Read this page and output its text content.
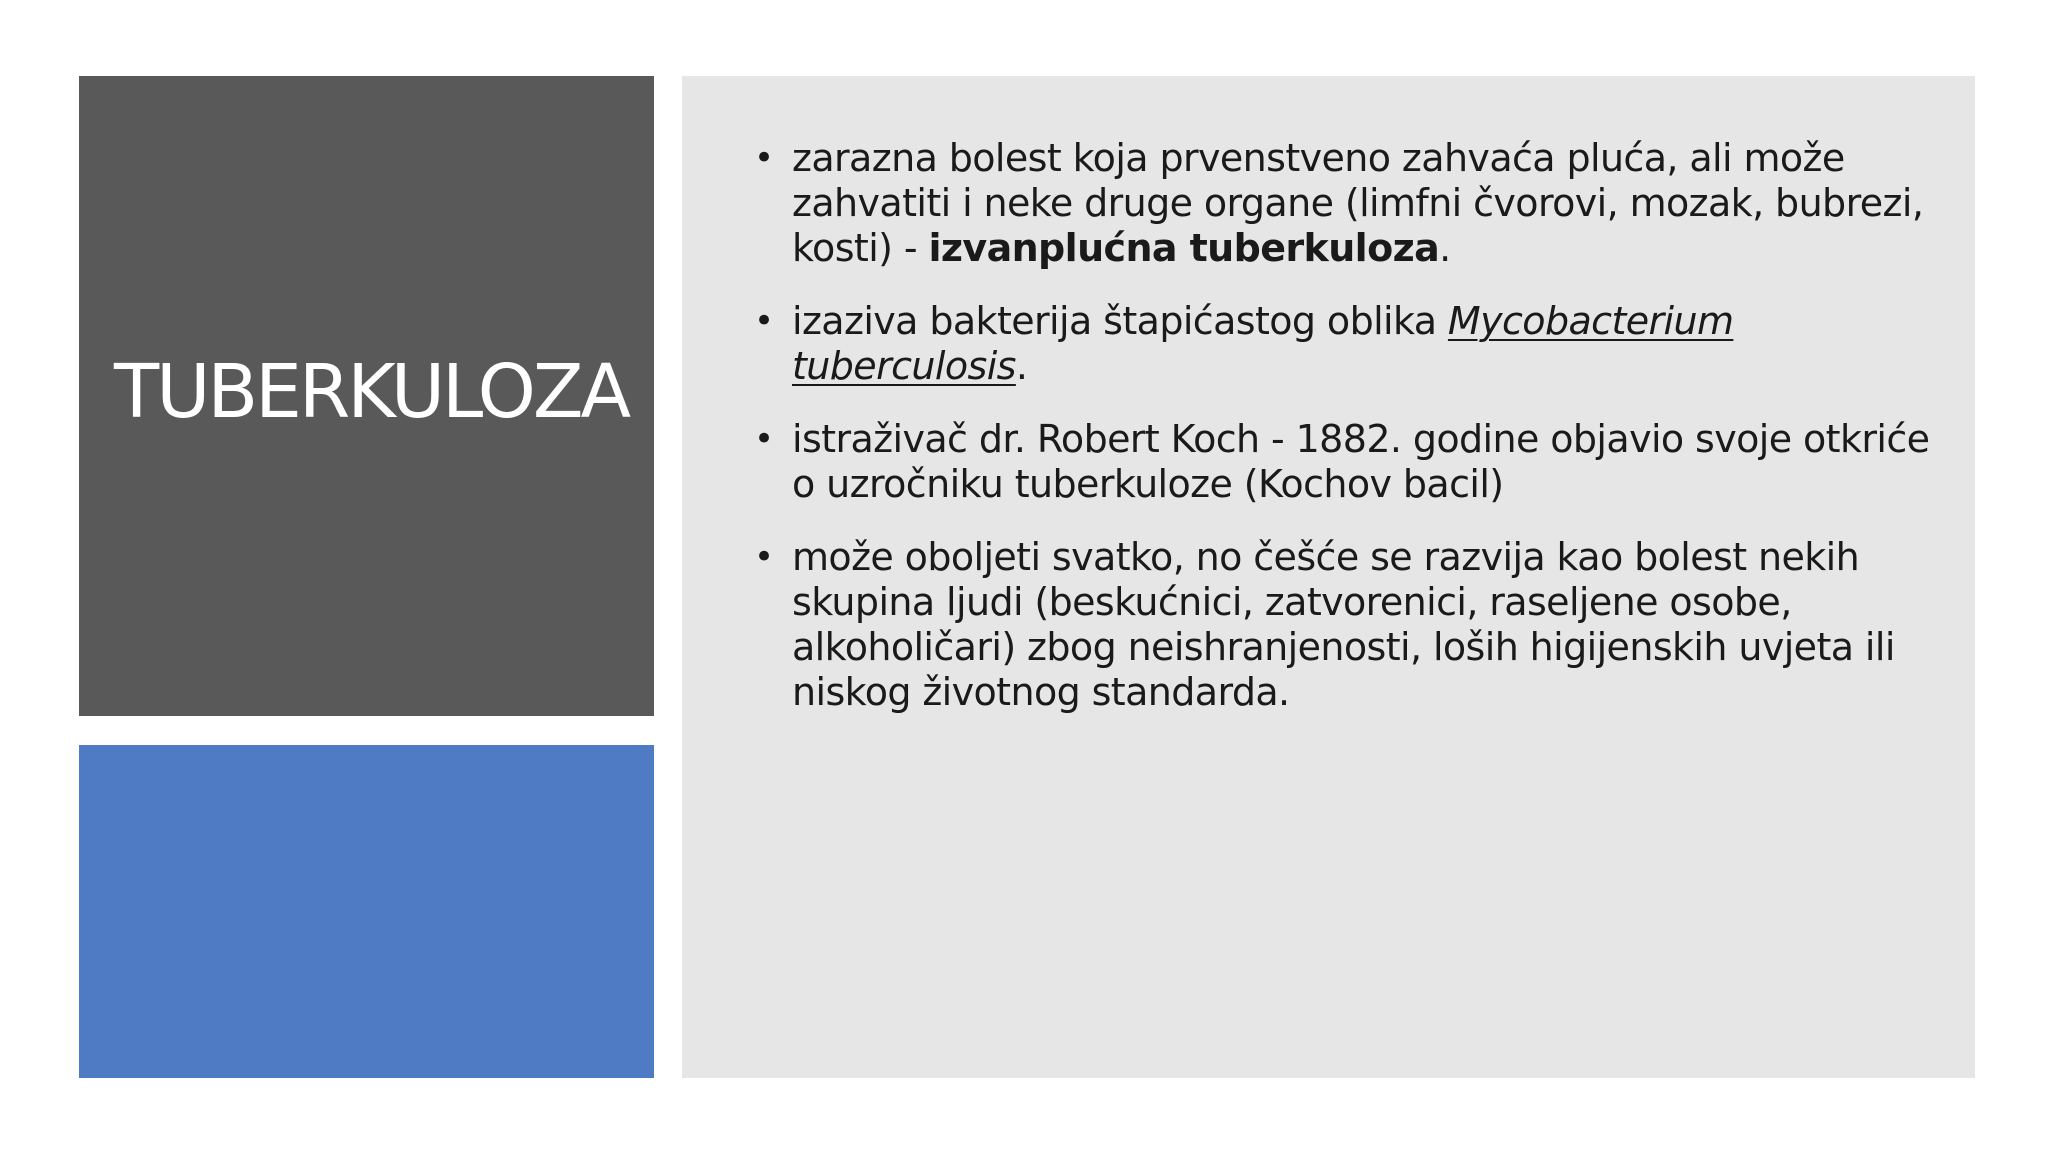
TUBERKULOZA
• zarazna bolest koja prvenstveno zahvaća pluća, ali može zahvatiti i neke druge organe (limfni čvorovi, mozak, bubrezi, kosti) - izvanplućna tuberkuloza.
• izaziva bakterija štapićastog oblika Mycobacterium tuberculosis.
• istraživač dr. Robert Koch - 1882. godine objavio svoje otkriće o uzročniku tuberkuloze (Kochov bacil)
• može oboljeti svatko, no češće se razvija kao bolest nekih skupina ljudi (beskućnici, zatvorenici, raseljene osobe, alkoholičari) zbog neishranjenosti, loših higijenskih uvjeta ili niskog životnog standarda.
